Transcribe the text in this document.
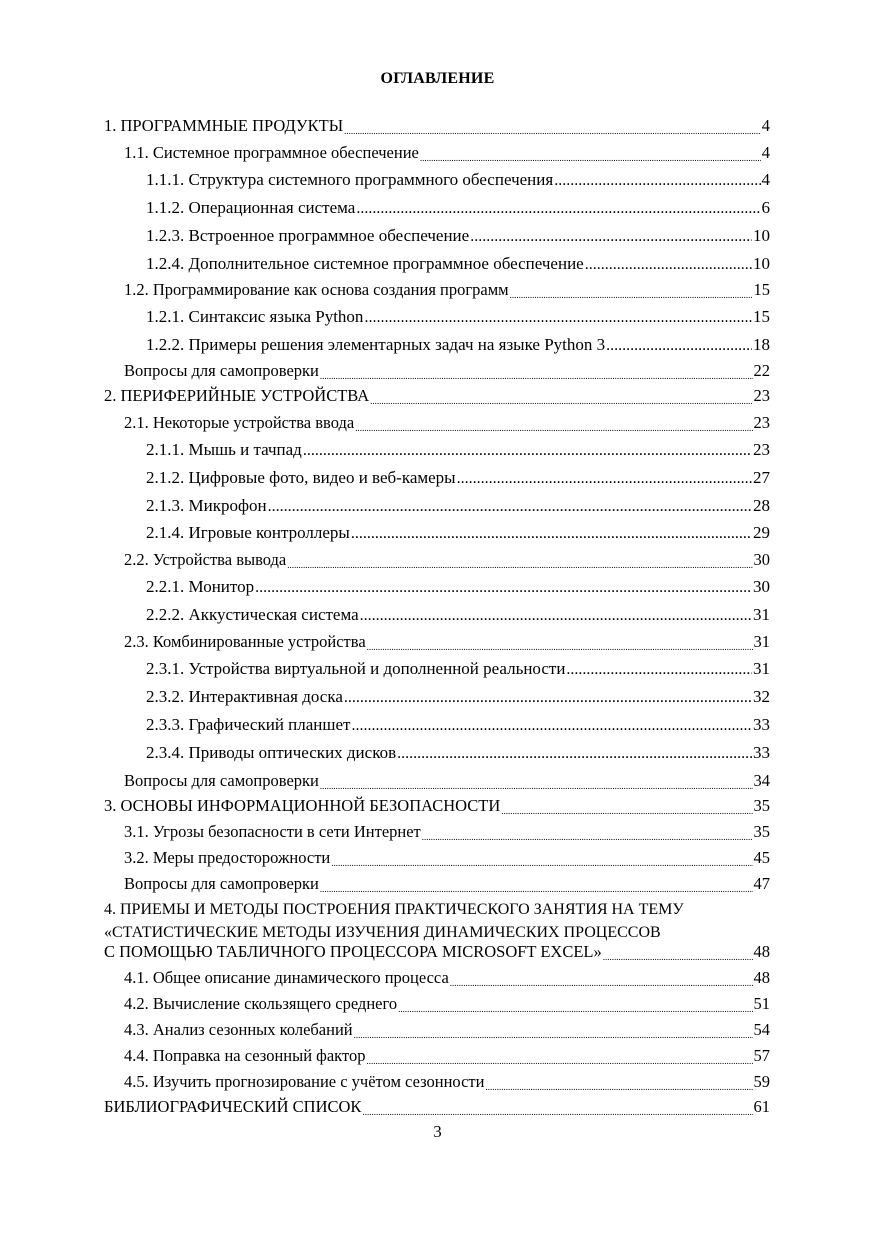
ОГЛАВЛЕНИЕ
1. ПРОГРАММНЫЕ ПРОДУКТЫ .....	4
1.1. Системное программное обеспечение .....	4
1.1.1. Структура системного программного обеспечения .....	4
1.1.2. Операционная система .....	6
1.2.3. Встроенное программное обеспечение .....	10
1.2.4. Дополнительное системное программное обеспечение .....	10
1.2. Программирование как основа создания программ .....	15
1.2.1. Синтаксис языка Python .....	15
1.2.2. Примеры решения элементарных задач на языке Python 3 .....	18
Вопросы для самопроверки .....	22
2. ПЕРИФЕРИЙНЫЕ УСТРОЙСТВА .....	23
2.1. Некоторые устройства ввода .....	23
2.1.1. Мышь и тачпад .....	23
2.1.2. Цифровые фото, видео и веб-камеры .....	27
2.1.3. Микрофон .....	28
2.1.4. Игровые контроллеры .....	29
2.2. Устройства вывода .....	30
2.2.1. Монитор .....	30
2.2.2. Аккустическая система .....	31
2.3. Комбинированные устройства .....	31
2.3.1. Устройства виртуальной и дополненной реальности .....	31
2.3.2. Интерактивная доска .....	32
2.3.3. Графический планшет .....	33
2.3.4. Приводы оптических дисков .....	33
Вопросы для самопроверки .....	34
3. ОСНОВЫ ИНФОРМАЦИОННОЙ БЕЗОПАСНОСТИ .....	35
3.1. Угрозы безопасности в сети Интернет .....	35
3.2. Меры предосторожности .....	45
Вопросы для самопроверки .....	47
4. ПРИЕМЫ И МЕТОДЫ ПОСТРОЕНИЯ ПРАКТИЧЕСКОГО ЗАНЯТИЯ НА ТЕМУ
«СТАТИСТИЧЕСКИЕ МЕТОДЫ ИЗУЧЕНИЯ ДИНАМИЧЕСКИХ ПРОЦЕССОВ
С ПОМОЩЬЮ ТАБЛИЧНОГО ПРОЦЕССОРА MICROSOFT EXCEL» .....	48
4.1. Общее описание динамического процесса .....	48
4.2. Вычисление скользящего среднего .....	51
4.3. Анализ сезонных колебаний .....	54
4.4. Поправка на сезонный фактор .....	57
4.5. Изучить прогнозирование с учётом сезонности .....	59
БИБЛИОГРАФИЧЕСКИЙ СПИСОК .....	61
3
